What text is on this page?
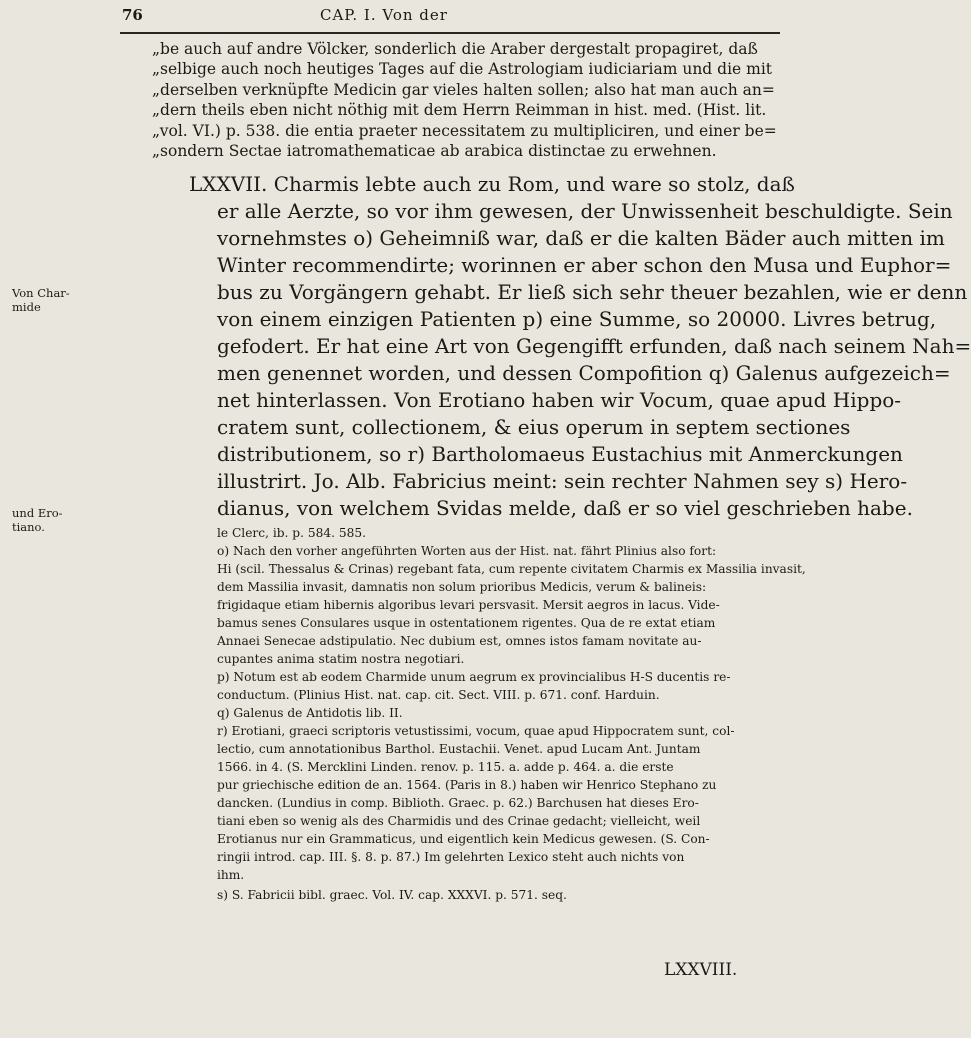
76	CAP. I. Von der
Von Char-
mide
und Ero-
tiano.
„be auch auf andre Völcker, sonderlich die Araber dergestalt propagiret, daß
„selbige auch noch heutiges Tages auf die Astrologiam iudiciariam und die mit
„derselben verknüpfte Medicin gar vieles halten sollen; also hat man auch an=
„dern theils eben nicht nöthig mit dem Herrn Reimman in hist. med. (Hist. lit.
„vol. VI.) p. 538. die entia praeter necessitatem zu multipliciren, und einer be=
„sondern Sectae iatromathematicae ab arabica distinctae zu erwehnen.
LXXVII. Charmis lebte auch zu Rom, und ware so stolz, daß
er alle Aerzte, so vor ihm gewesen, der Unwissenheit beschuldigte. Sein
vornehmstes o) Geheimniß war, daß er die kalten Bäder auch mitten im
Winter recommendirte; worinnen er aber schon den Musa und Euphor=
bus zu Vorgängern gehabt. Er ließ sich sehr theuer bezahlen, wie er denn
von einem einzigen Patienten p) eine Summe, so 20000. Livres betrug,
gefodert. Er hat eine Art von Gegengifft erfunden, daß nach seinem Nah=
men genennet worden, und dessen Compofition q) Galenus aufgezeich=
net hinterlassen. Von Erotiano haben wir Vocum, quae apud Hippo-
cratem sunt, collectionem, & eius operum in septem sectiones
distributionem, so r) Bartholomaeus Eustachius mit Anmerckungen
illustrirt. Jo. Alb. Fabricius meint: sein rechter Nahmen sey s) Hero-
dianus, von welchem Svidas melde, daß er so viel geschrieben habe.
le Clerc, ib. p. 584. 585.
o) Nach den vorher angeführten Worten aus der Hist. nat. fährt Plinius also fort:
Hi (scil. Thessalus & Crinas) regebant fata, cum repente civitatem Charmis ex Massilia invasit,
dem Massilia invasit, damnatis non solum prioribus Medicis, verum & balineis:
frigidaque etiam hibernis algoribus levari persvasit. Mersit aegros in lacus. Vide-
bamus senes Consulares usque in ostentationem rigentes. Qua de re extat etiam
Annaei Senecae adstipulatio. Nec dubium est, omnes istos famam novitate au-
cupantes anima statim nostra negotiari.
p) Notum est ab eodem Charmide unum aegrum ex provincialibus H-S ducentis re-
conductum. (Plinius Hist. nat. cap. cit. Sect. VIII. p. 671. conf. Harduin.
q) Galenus de Antidotis lib. II.
r) Erotiani, graeci scriptoris vetustissimi, vocum, quae apud Hippocratem sunt, col-
lectio, cum annotationibus Barthol. Eustachii. Venet. apud Lucam Ant. Juntam
1566. in 4. (S. Mercklini Linden. renov. p. 115. a. adde p. 464. a. die erste
pur griechische edition de an. 1564. (Paris in 8.) haben wir Henrico Stephano zu
dancken. (Lundius in comp. Biblioth. Graec. p. 62.) Barchusen hat dieses Ero-
tiani eben so wenig als des Charmidis und des Crinae gedacht; vielleicht, weil
Erotianus nur ein Grammaticus, und eigentlich kein Medicus gewesen. (S. Con-
ringii introd. cap. III. §. 8. p. 87.) Im gelehrten Lexico steht auch nichts von
ihm.
s) S. Fabricii bibl. graec. Vol. IV. cap. XXXVI. p. 571. seq.
LXXVIII.
